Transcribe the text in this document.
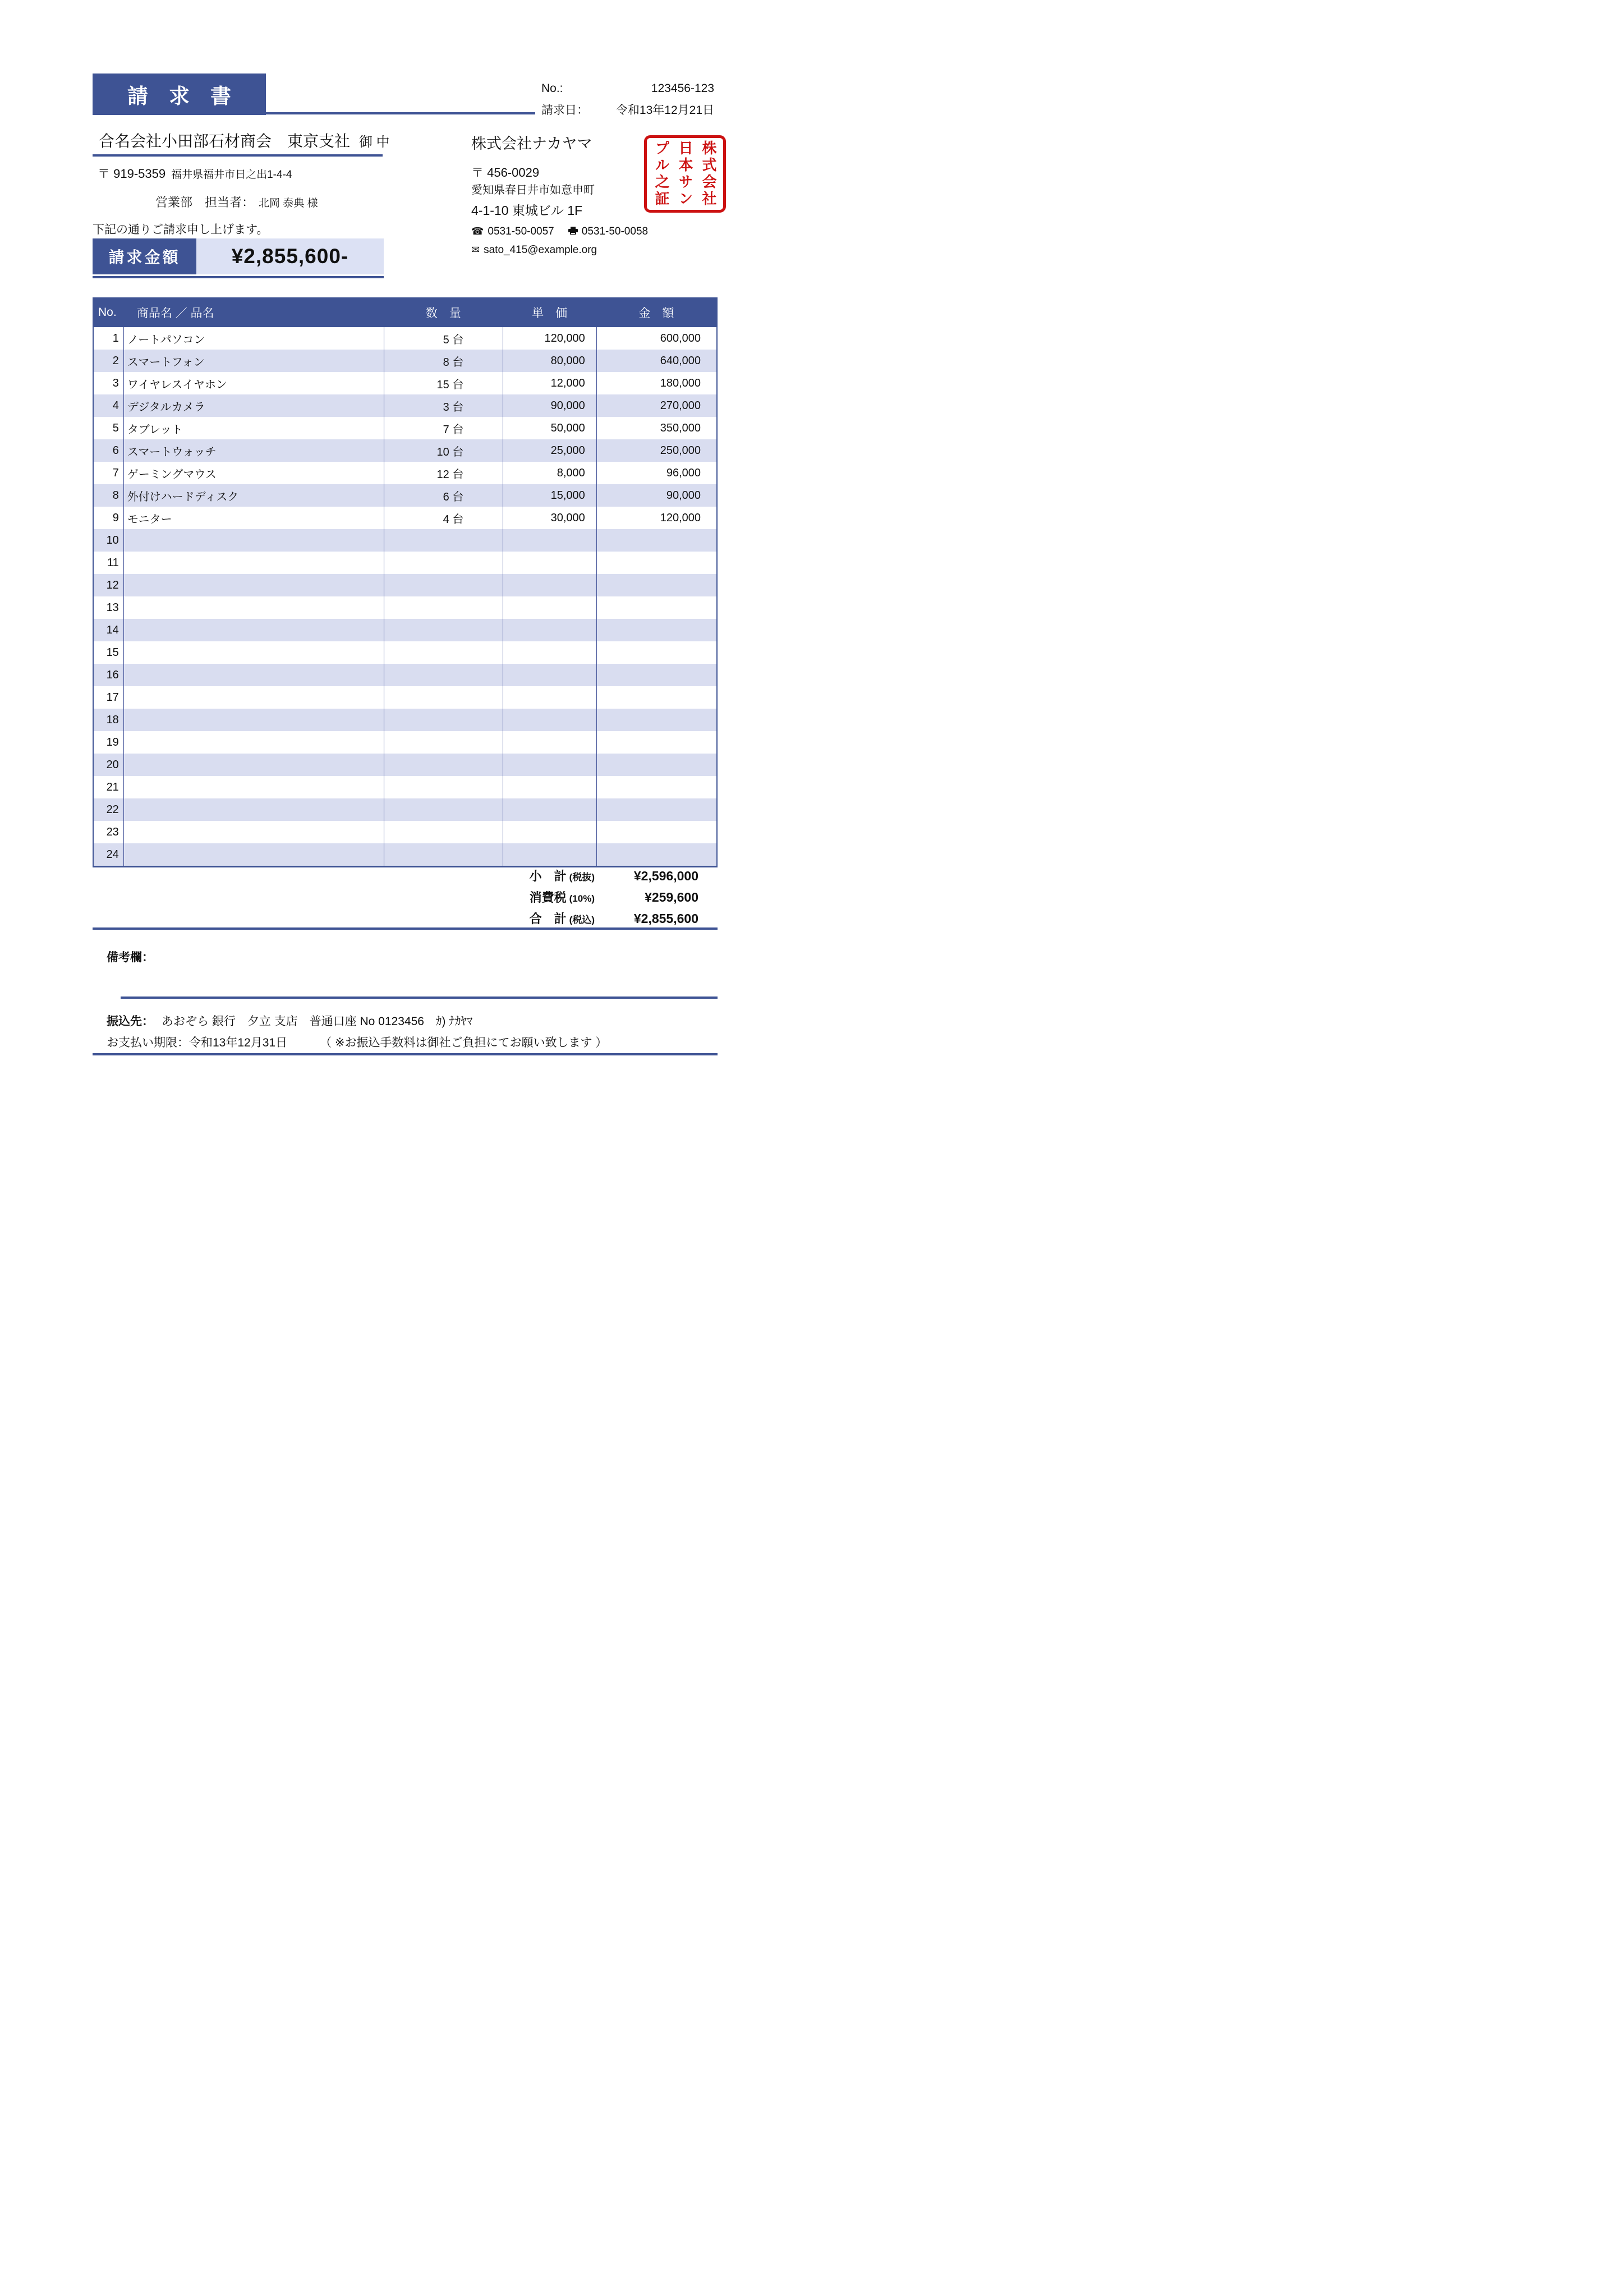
請　求　書	No.:	123456-123
請求日： 令和13年12月21日
合名会社小田部石材商会　東京支社 御 中
〒 919-5359 福井県福井市日之出1-4-4
営業部　担当者： 北岡 泰典 様
株式会社ナカヤマ
〒 456-0029
愛知県春日井市如意申町
4-1-10 東城ビル 1F
☎ 0531-50-0057	0531-50-0058
✉ sato_415@example.org
株式会社
日本サン
プル之証
下記の通りご請求申し上げます。
請求金額 ¥2,855,600-
No.	商品名 ／ 品名	数　量	単　価	金　額
1 ノートパソコン	5 台	120,000	600,000
2 スマートフォン	8 台	80,000	640,000
3 ワイヤレスイヤホン	15 台	12,000	180,000
4 デジタルカメラ	3 台	90,000	270,000
5 タブレット	7 台	50,000	350,000
6 スマートウォッチ	10 台	25,000	250,000
7 ゲーミングマウス	12 台	8,000	96,000
8 外付けハードディスク	6 台	15,000	90,000
9 モニター	4 台	30,000	120,000
10
11
12
13
14
15
16
17
18
19
20
21
22
23
24
小　計 (税抜)	¥2,596,000
消費税 (10%)	¥259,600
合　計 (税込)	¥2,855,600
備考欄：
振込先： あおぞら 銀行　夕立 支店　普通口座 No 0123456　ｶ) ﾅｶﾔﾏ
お支払い期限：令和13年12月31日	（ ※お振込手数料は御社ご負担にてお願い致します ）
